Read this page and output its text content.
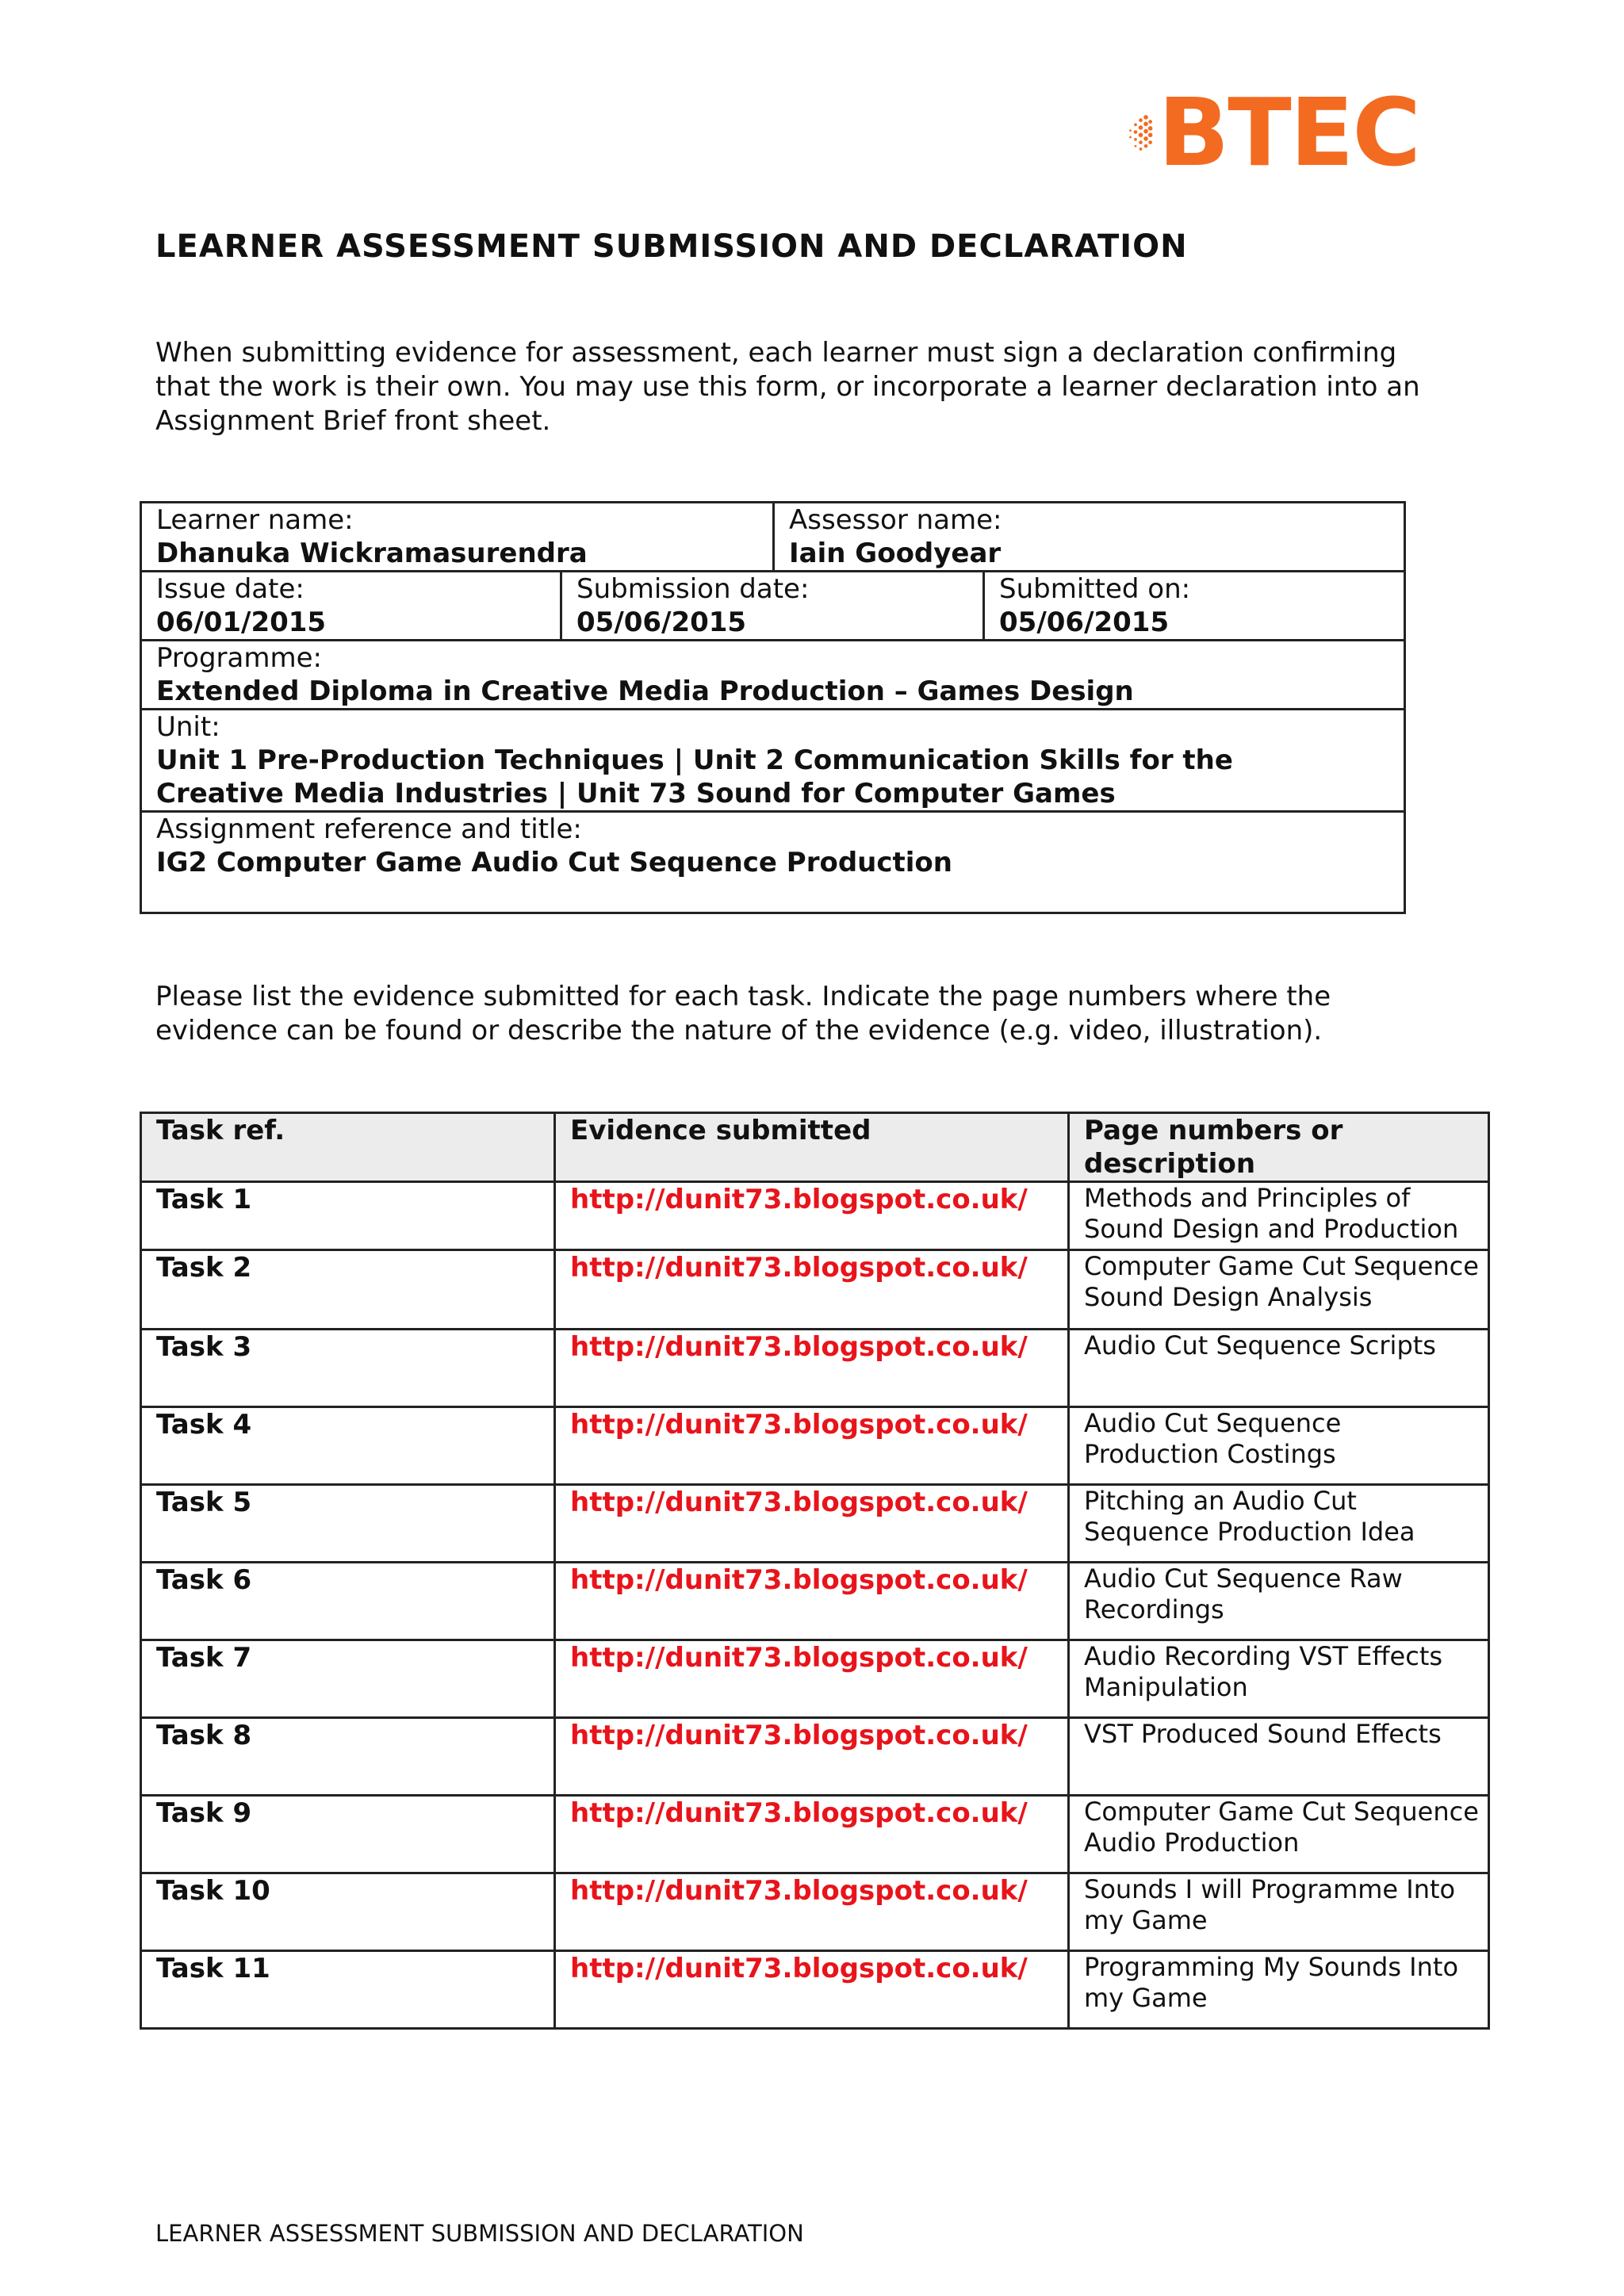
BTEC
LEARNER ASSESSMENT SUBMISSION AND DECLARATION
When submitting evidence for assessment, each learner must sign a declaration confirming
that the work is their own. You may use this form, or incorporate a learner declaration into an
Assignment Brief front sheet.
Learner name:
Dhanuka Wickramasurendra		Assessor name:
Iain Goodyear	

Issue date:
06/01/2015	Submission date:
05/06/2015		Submitted on:
05/06/2015

Programme:
Extended Diploma in Creative Media Production – Games Design			

Unit:
Unit 1 Pre-Production Techniques | Unit 2 Communication Skills for the
Creative Media Industries | Unit 73 Sound for Computer Games			

Assignment reference and title:
IG2 Computer Game Audio Cut Sequence Production			
Please list the evidence submitted for each task. Indicate the page numbers where the
evidence can be found or describe the nature of the evidence (e.g. video, illustration).
Task ref.	Evidence submitted	Page numbers or
description

Task 1	http://dunit73.blogspot.co.uk/	Methods and Principles of
Sound Design and Production

Task 2	http://dunit73.blogspot.co.uk/	Computer Game Cut Sequence
Sound Design Analysis

Task 3	http://dunit73.blogspot.co.uk/	Audio Cut Sequence Scripts

Task 4	http://dunit73.blogspot.co.uk/	Audio Cut Sequence
Production Costings

Task 5	http://dunit73.blogspot.co.uk/	Pitching an Audio Cut
Sequence Production Idea

Task 6	http://dunit73.blogspot.co.uk/	Audio Cut Sequence Raw
Recordings

Task 7	http://dunit73.blogspot.co.uk/	Audio Recording VST Effects
Manipulation

Task 8	http://dunit73.blogspot.co.uk/	VST Produced Sound Effects

Task 9	http://dunit73.blogspot.co.uk/	Computer Game Cut Sequence
Audio Production

Task 10	http://dunit73.blogspot.co.uk/	Sounds I will Programme Into
my Game

Task 11	http://dunit73.blogspot.co.uk/	Programming My Sounds Into
my Game
LEARNER ASSESSMENT SUBMISSION AND DECLARATION
